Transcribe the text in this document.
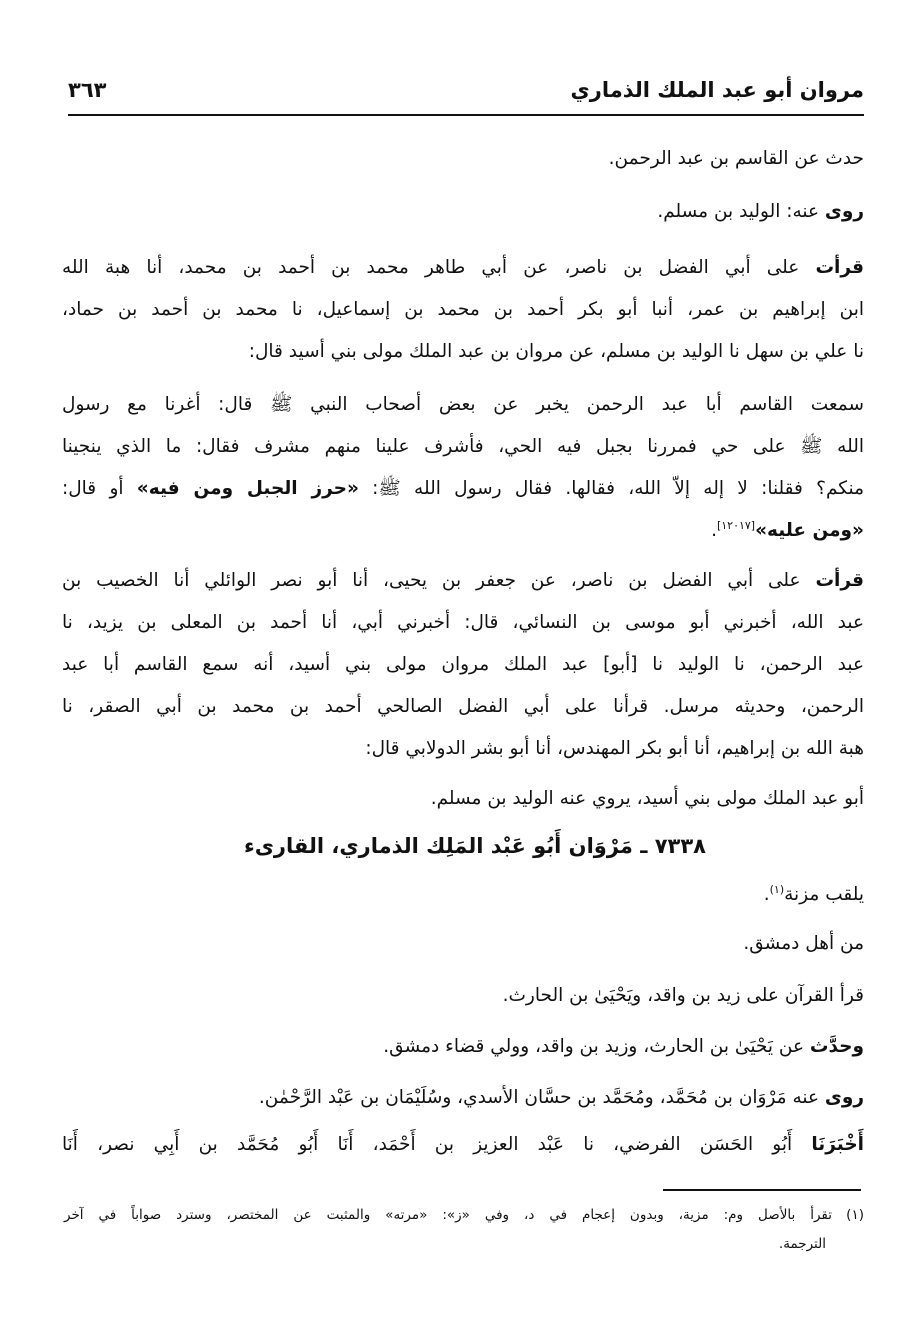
مروان أبو عبد الملك الذماري
٣٦٣
حدث عن القاسم بن عبد الرحمن.
روى عنه: الوليد بن مسلم.
قرأت على أبي الفضل بن ناصر، عن أبي طاهر محمد بن أحمد بن محمد، أنا هبة الله
ابن إبراهيم بن عمر، أنبا أبو بكر أحمد بن محمد بن إسماعيل، نا محمد بن أحمد بن حماد،
نا علي بن سهل نا الوليد بن مسلم، عن مروان بن عبد الملك مولى بني أسيد قال:
سمعت القاسم أبا عبد الرحمن يخبر عن بعض أصحاب النبي ﷺ قال: أغرنا مع رسول
الله ﷺ على حي فمررنا بجبل فيه الحي، فأشرف علينا منهم مشرف فقال: ما الذي ينجينا
منكم؟ فقلنا: لا إله إلاّ الله، فقالها. فقال رسول الله ﷺ: «حرز الجبل ومن فيه» أو قال:
«ومن عليه»[١٢٠١٧].
قرأت على أبي الفضل بن ناصر، عن جعفر بن يحيى، أنا أبو نصر الوائلي أنا الخصيب بن
عبد الله، أخبرني أبو موسى بن النسائي، قال: أخبرني أبي، أنا أحمد بن المعلى بن يزيد، نا
عبد الرحمن، نا الوليد نا [أبو] عبد الملك مروان مولى بني أسيد، أنه سمع القاسم أبا عبد
الرحمن، وحديثه مرسل. قرأنا على أبي الفضل الصالحي أحمد بن محمد بن أبي الصقر، نا
هبة الله بن إبراهيم، أنا أبو بكر المهندس، أنا أبو بشر الدولابي قال:
أبو عبد الملك مولى بني أسيد، يروي عنه الوليد بن مسلم.
٧٣٣٨ ـ مَرْوَان أَبُو عَبْد المَلِك الذماري، القارىء
يلقب مزنة$^{(١)}$.
من أهل دمشق.
قرأ القرآن على زيد بن واقد، ويَحْيَىٰ بن الحارث.
وحدَّث عن يَحْيَىٰ بن الحارث، وزيد بن واقد، وولي قضاء دمشق.
روى عنه مَرْوَان بن مُحَمَّد، ومُحَمَّد بن حسَّان الأسدي، وسُلَيْمَان بن عَبْد الرَّحْمٰن.
أَخْبَرَنَا أَبُو الحَسَن الفرضي، نا عَبْد العزيز بن أَحْمَد، أَنَا أَبُو مُحَمَّد بن أَبِي نصر، أَنَا
(١)
تقرأ بالأصل وم: مزية، وبدون إعجام في د، وفي «ز»: «مرته» والمثبت عن المختصر، وسترد صواباً في آخر
الترجمة.
